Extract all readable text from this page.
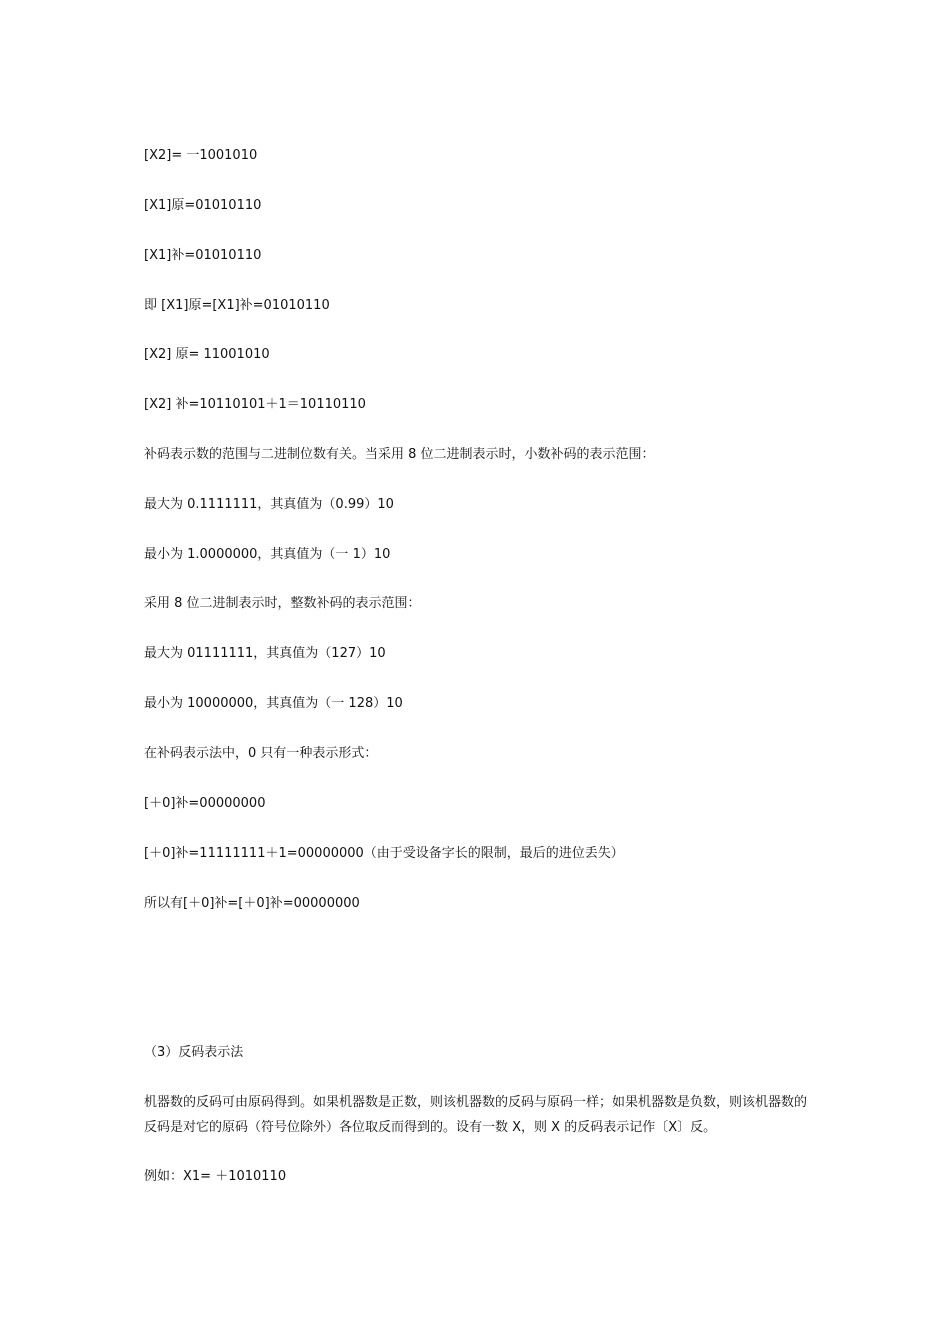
[X2]= 一1001010

[X1]原=01010110

[X1]补=01010110

即 [X1]原=[X1]补=01010110

[X2] 原= 11001010

[X2] 补=10110101＋1＝10110110

补码表示数的范围与二进制位数有关。当采用 8 位二进制表示时，小数补码的表示范围：

最大为 0.1111111，其真值为（0.99）10

最小为 1.0000000，其真值为（一 1）10

采用 8 位二进制表示时，整数补码的表示范围：

最大为 01111111，其真值为（127）10

最小为 10000000，其真值为（一 128）10

在补码表示法中，0 只有一种表示形式：

[＋0]补=00000000

[＋0]补=11111111＋1=00000000（由于受设备字长的限制，最后的进位丢失）

所以有[＋0]补=[＋0]补=00000000

（3）反码表示法

机器数的反码可由原码得到。如果机器数是正数，则该机器数的反码与原码一样；如果机器数是负数，则该机器数的反码是对它的原码（符号位除外）各位取反而得到的。设有一数 X，则 X 的反码表示记作〔X〕反。

例如：X1= ＋1010110
